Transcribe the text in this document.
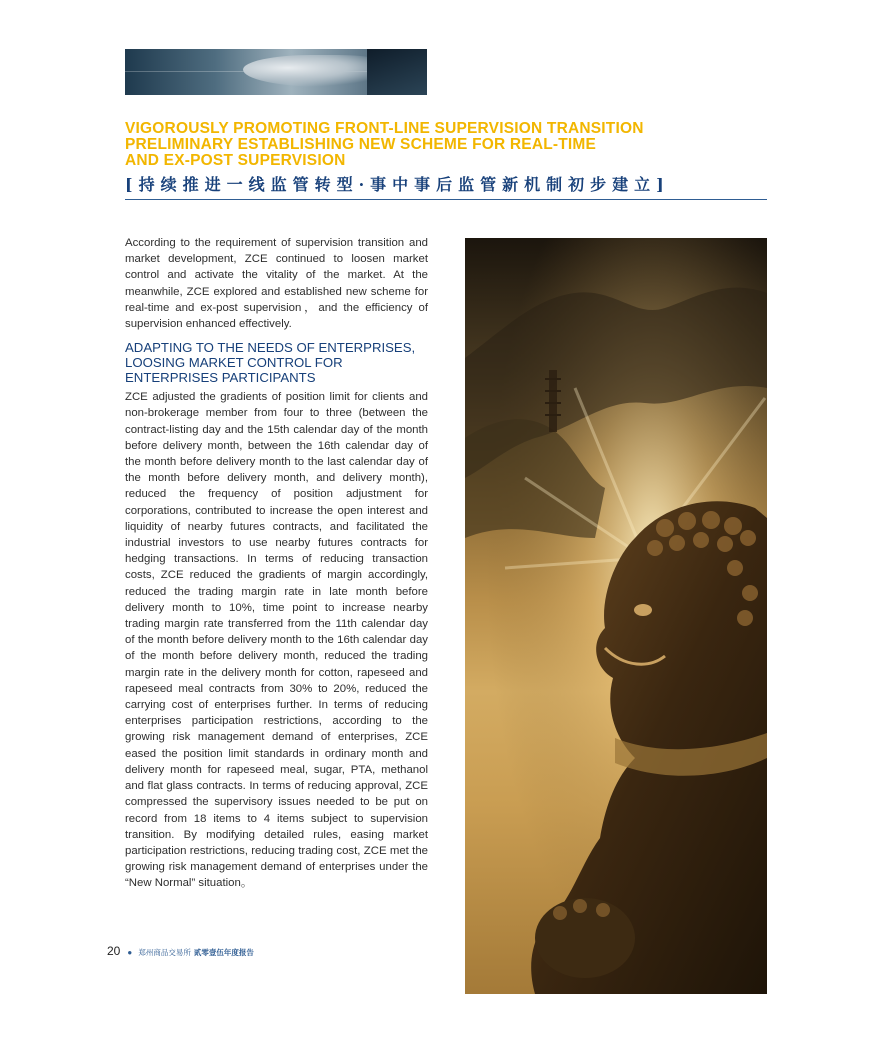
VIGOROUSLY PROMOTING FRONT-LINE SUPERVISION TRANSITION

PRELIMINARY ESTABLISHING NEW SCHEME FOR REAL-TIME

AND EX-POST SUPERVISION

[持续推进一线监管转型·事中事后监管新机制初步建立]

According to the requirement of supervision transition and market development, ZCE continued to loosen market control and activate the vitality of the market. At the meanwhile, ZCE explored and established new scheme for real-time and ex-post supervision，and the efficiency of supervision enhanced effectively.

ADAPTING TO THE NEEDS OF ENTERPRISES, LOOSING MARKET CONTROL FOR ENTERPRISES PARTICIPANTS

ZCE adjusted the gradients of position limit for clients and non-brokerage member from four to three (between the contract-listing day and the 15th calendar day of the month before delivery month, between the 16th calendar day of the month before delivery month to the last calendar day of the month before delivery month, and delivery month), reduced the frequency of position adjustment for corporations, contributed to increase the open interest and liquidity of nearby futures contracts, and facilitated the industrial investors to use nearby futures contracts for hedging transactions. In terms of reducing transaction costs, ZCE reduced the gradients of margin accordingly, reduced the trading margin rate in late month before delivery month to 10%, time point to increase nearby trading margin rate transferred from the 11th calendar day of the month before delivery month to the 16th calendar day of the month before delivery month, reduced the trading margin rate in the delivery month for cotton, rapeseed and rapeseed meal contracts from 30% to 20%, reduced the carrying cost of enterprises further. In terms of reducing enterprises participation restrictions, according to the growing risk management demand of enterprises, ZCE eased the position limit standards in ordinary month and delivery month for rapeseed meal, sugar, PTA, methanol and flat glass contracts. In terms of reducing approval, ZCE compressed the supervisory issues needed to be put on record from 18 items to 4 items subject to supervision transition. By modifying detailed rules, easing market participation restrictions, reducing trading cost, ZCE met the growing risk management demand of enterprises under the “New Normal” situation。

20 ● 郑州商品交易所 贰零壹伍年度报告
